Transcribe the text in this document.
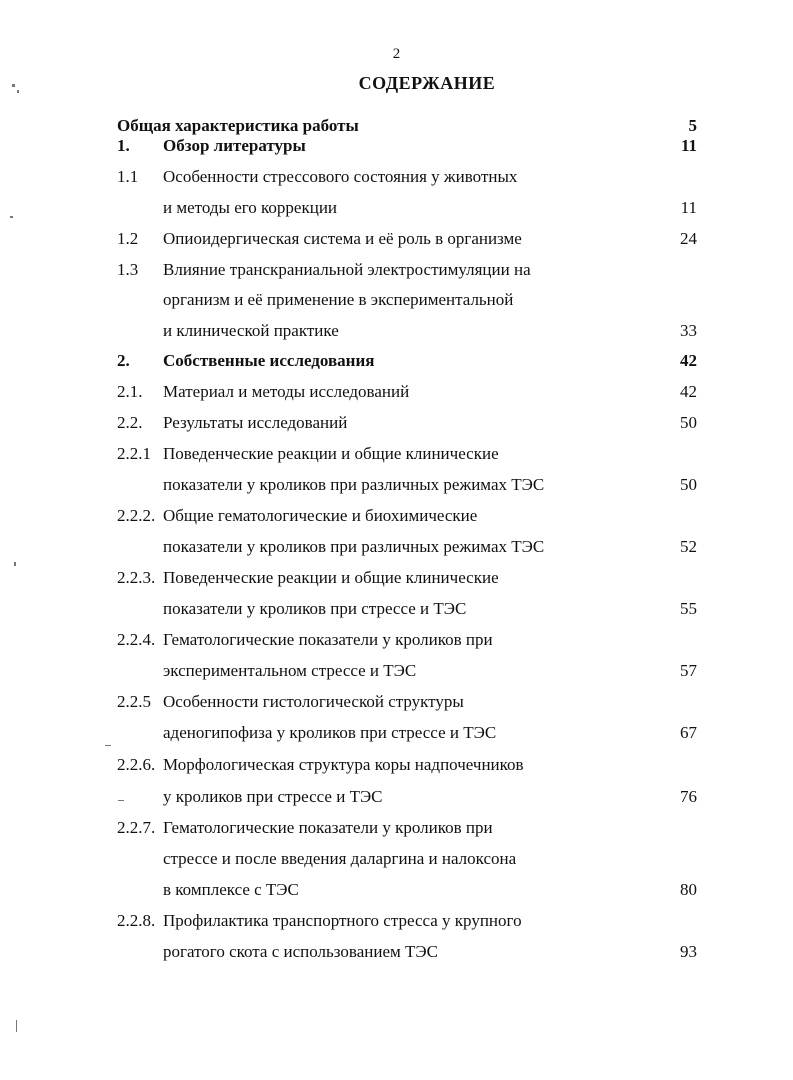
2
СОДЕРЖАНИЕ
Общая характеристика работы	5
1. Обзор литературы	11
1.1 Особенности стрессового состояния у животных
и методы его коррекции	11
1.2 Опиоидергическая система и её роль в организме	24
1.3 Влияние транскраниальной электростимуляции на
организм и её применение в экспериментальной
и клинической практике	33
2. Собственные исследования	42
2.1. Материал и методы исследований	42
2.2. Результаты исследований	50
2.2.1 Поведенческие реакции и общие клинические
показатели у кроликов при различных режимах ТЭС	50
2.2.2. Общие гематологические и биохимические
показатели у кроликов при различных режимах ТЭС	52
2.2.3. Поведенческие реакции и общие клинические
показатели у кроликов при стрессе и ТЭС	55
2.2.4. Гематологические показатели у кроликов при
экспериментальном стрессе и ТЭС	57
2.2.5 Особенности гистологической структуры
аденогипофиза у кроликов при стрессе и ТЭС	67
2.2.6. Морфологическая структура коры надпочечников
у кроликов при стрессе и ТЭС	76
2.2.7. Гематологические показатели у кроликов при
стрессе и после введения даларгина и налоксона
в комплексе с ТЭС	80
2.2.8. Профилактика транспортного стресса у крупного
рогатого скота с использованием ТЭС	93
